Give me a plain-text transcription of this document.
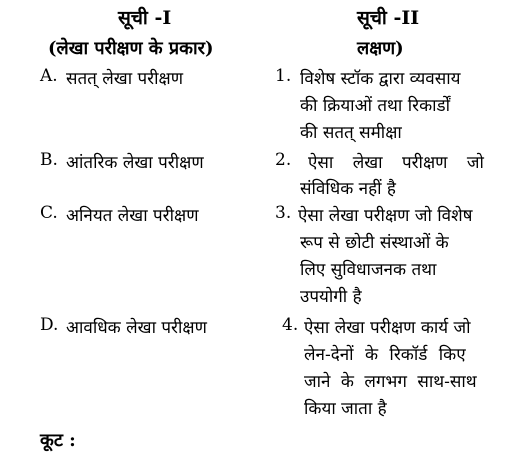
सूची -I	सूची -II
(लेखा परीक्षण के प्रकार)	लक्षण)
A. सतत् लेखा परीक्षण
B. आंतरिक लेखा परीक्षण
C. अनियत लेखा परीक्षण
D. आवधिक लेखा परीक्षण
1. विशेष स्टॉक द्वारा व्यवसाय
की क्रियाओं तथा रिकार्डों
की सतत् समीक्षा
2. ऐसा लेखा परीक्षण जो
संविधिक नहीं है
3. ऐसा लेखा परीक्षण जो विशेष
रूप से छोटी संस्थाओं के
लिए सुविधाजनक तथा
उपयोगी है
4. ऐसा लेखा परीक्षण कार्य जो
लेन-देनों के रिकॉर्ड किए
जाने के लगभग साथ-साथ
किया जाता है
कूट :
